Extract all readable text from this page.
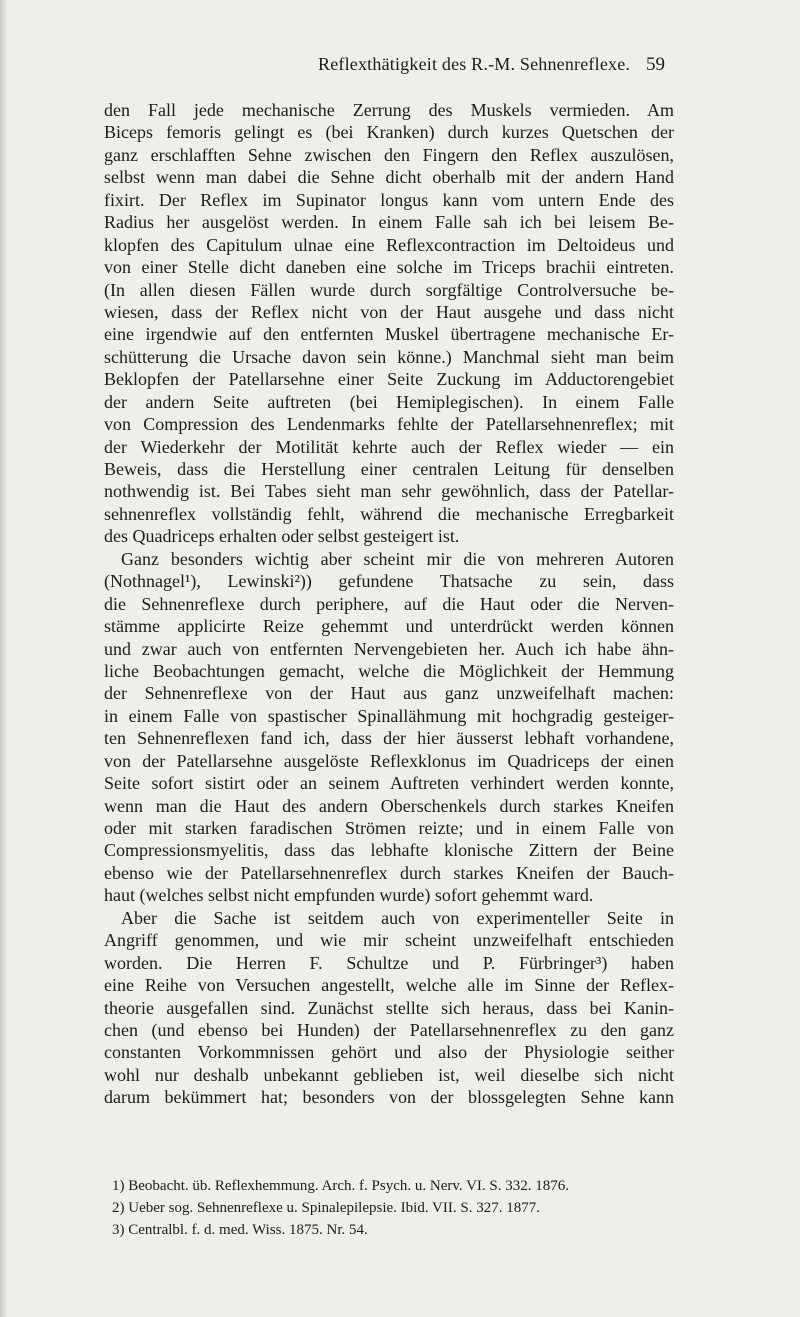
Reflexthätigkeit des R.-M. Sehnenreflexe. 59
den Fall jede mechanische Zerrung des Muskels vermieden. Am
Biceps femoris gelingt es (bei Kranken) durch kurzes Quetschen der
ganz erschlafften Sehne zwischen den Fingern den Reflex auszulösen,
selbst wenn man dabei die Sehne dicht oberhalb mit der andern Hand
fixirt. Der Reflex im Supinator longus kann vom untern Ende des
Radius her ausgelöst werden. In einem Falle sah ich bei leisem Be-
klopfen des Capitulum ulnae eine Reflexcontraction im Deltoideus und
von einer Stelle dicht daneben eine solche im Triceps brachii eintreten.
(In allen diesen Fällen wurde durch sorgfältige Controlversuche be-
wiesen, dass der Reflex nicht von der Haut ausgehe und dass nicht
eine irgendwie auf den entfernten Muskel übertragene mechanische Er-
schütterung die Ursache davon sein könne.) Manchmal sieht man beim
Beklopfen der Patellarsehne einer Seite Zuckung im Adductorengebiet
der andern Seite auftreten (bei Hemiplegischen). In einem Falle
von Compression des Lendenmarks fehlte der Patellarsehnenreflex; mit
der Wiederkehr der Motilität kehrte auch der Reflex wieder — ein
Beweis, dass die Herstellung einer centralen Leitung für denselben
nothwendig ist. Bei Tabes sieht man sehr gewöhnlich, dass der Patellar-
sehnenreflex vollständig fehlt, während die mechanische Erregbarkeit
des Quadriceps erhalten oder selbst gesteigert ist.
Ganz besonders wichtig aber scheint mir die von mehreren Autoren
(Nothnagel¹), Lewinski²)) gefundene Thatsache zu sein, dass
die Sehnenreflexe durch periphere, auf die Haut oder die Nerven-
stämme applicirte Reize gehemmt und unterdrückt werden können
und zwar auch von entfernten Nervengebieten her. Auch ich habe ähn-
liche Beobachtungen gemacht, welche die Möglichkeit der Hemmung
der Sehnenreflexe von der Haut aus ganz unzweifelhaft machen:
in einem Falle von spastischer Spinallähmung mit hochgradig gesteiger-
ten Sehnenreflexen fand ich, dass der hier äusserst lebhaft vorhandene,
von der Patellarsehne ausgelöste Reflexklonus im Quadriceps der einen
Seite sofort sistirt oder an seinem Auftreten verhindert werden konnte,
wenn man die Haut des andern Oberschenkels durch starkes Kneifen
oder mit starken faradischen Strömen reizte; und in einem Falle von
Compressionsmyelitis, dass das lebhafte klonische Zittern der Beine
ebenso wie der Patellarsehnenreflex durch starkes Kneifen der Bauch-
haut (welches selbst nicht empfunden wurde) sofort gehemmt ward.
Aber die Sache ist seitdem auch von experimenteller Seite in
Angriff genommen, und wie mir scheint unzweifelhaft entschieden
worden. Die Herren F. Schultze und P. Fürbringer³) haben
eine Reihe von Versuchen angestellt, welche alle im Sinne der Reflex-
theorie ausgefallen sind. Zunächst stellte sich heraus, dass bei Kanin-
chen (und ebenso bei Hunden) der Patellarsehnenreflex zu den ganz
constanten Vorkommnissen gehört und also der Physiologie seither
wohl nur deshalb unbekannt geblieben ist, weil dieselbe sich nicht
darum bekümmert hat; besonders von der blossgelegten Sehne kann
1) Beobacht. üb. Reflexhemmung. Arch. f. Psych. u. Nerv. VI. S. 332. 1876.
2) Ueber sog. Sehnenreflexe u. Spinalepilepsie. Ibid. VII. S. 327. 1877.
3) Centralbl. f. d. med. Wiss. 1875. Nr. 54.
